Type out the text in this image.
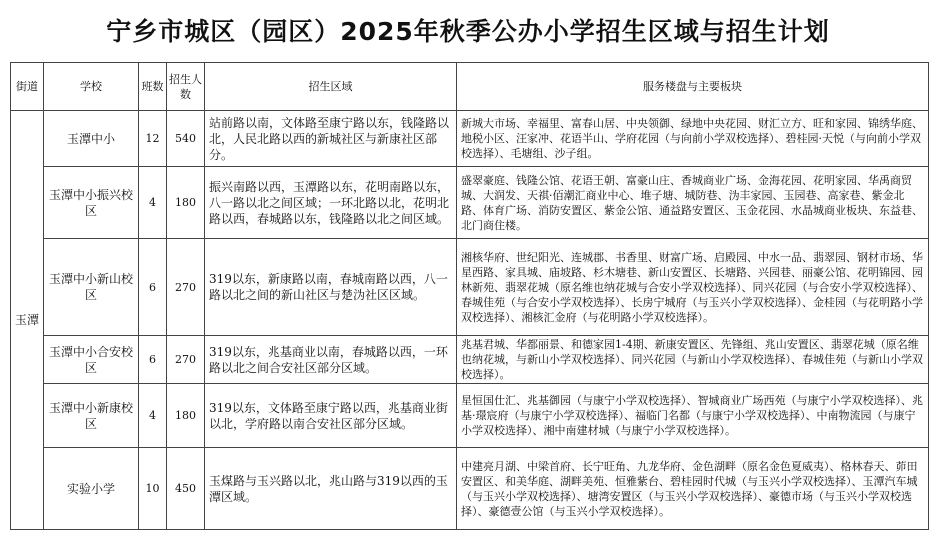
宁乡市城区（园区）2025年秋季公办小学招生区域与招生计划
街道	学校	班数	招生人数	招生区域	服务楼盘与主要板块
玉潭	玉潭中小	12	540	站前路以南，文体路至康宁路以东，钱隆路以北，人民北路以西的新城社区与新康社区部分。	新城大市场、幸福里、富春山居、中央领御、绿地中央花园、财汇立方、旺和家园、锦绣华庭、地税小区、汪家冲、花语半山、学府花园（与向前小学双校选择）、碧桂园·天悦（与向前小学双校选择）、毛塘组、沙子组。
	玉潭中小振兴校区	4	180	振兴南路以西，玉潭路以东，花明南路以东，八一路以北之间区域；一环北路以北，花明北路以西，春城路以东，钱隆路以北之间区域。	盛翠豪庭、钱隆公馆、花语王朝、富豪山庄、香城商业广场、金海花园、花明家园、华禹商贸城、大润发、天祺·佰潮汇商业中心、堆子塘、城防巷、沩丰家园、玉园巷、高家巷、紫金北路、体育广场、消防安置区、紫金公馆、通益路安置区、玉金花园、水晶城商业板块、东益巷、北门商住楼。
	玉潭中小新山校区	6	270	319以东，新康路以南，春城南路以西，八一路以北之间的新山社区与楚沩社区区域。	湘核华府、世纪阳光、连城郡、书香里、财富广场、启殿园、中水一品、翡翠园、钢材市场、华星西路、家具城、庙坡路、杉木塘巷、新山安置区、长塘路、兴园巷、丽豪公馆、花明锦园、园林新苑、翡翠花城（原名维也纳花城与合安小学双校选择）、同兴花园（与合安小学双校选择）、春城佳苑（与合安小学双校选择）、长房宁城府（与玉兴小学双校选择）、金桂园（与花明路小学双校选择）、湘核汇金府（与花明路小学双校选择）。
	玉潭中小合安校区	6	270	319以东，兆基商业以南，春城路以西，一环路以北之间合安社区部分区域。	兆基君城、华都丽景、和德家园1-4期、新康安置区、先锋组、兆山安置区、翡翠花城（原名维也纳花城，与新山小学双校选择）、同兴花园（与新山小学双校选择）、春城佳苑（与新山小学双校选择）。
	玉潭中小新康校区	4	180	319以东，文体路至康宁路以西，兆基商业街以北，学府路以南合安社区部分区域。	星恒国仕汇、兆基御园（与康宁小学双校选择）、智城商业广场西苑（与康宁小学双校选择）、兆基·璟宸府（与康宁小学双校选择）、福临门名都（与康宁小学双校选择）、中南物流园（与康宁小学双校选择）、湘中南建材城（与康宁小学双校选择）。
	实验小学	10	450	玉煤路与玉兴路以北，兆山路与319以西的玉潭区域。	中建亮月湖、中梁首府、长宁旺角、九龙华府、金色湖畔（原名金色夏威夷）、格林春天、茆田安置区、和美华庭、湖畔美苑、恒雅紫台、碧桂园时代城（与玉兴小学双校选择）、玉潭汽车城（与玉兴小学双校选择）、塘湾安置区（与玉兴小学双校选择）、豪德市场（与玉兴小学双校选择）、豪德壹公馆（与玉兴小学双校选择）。
